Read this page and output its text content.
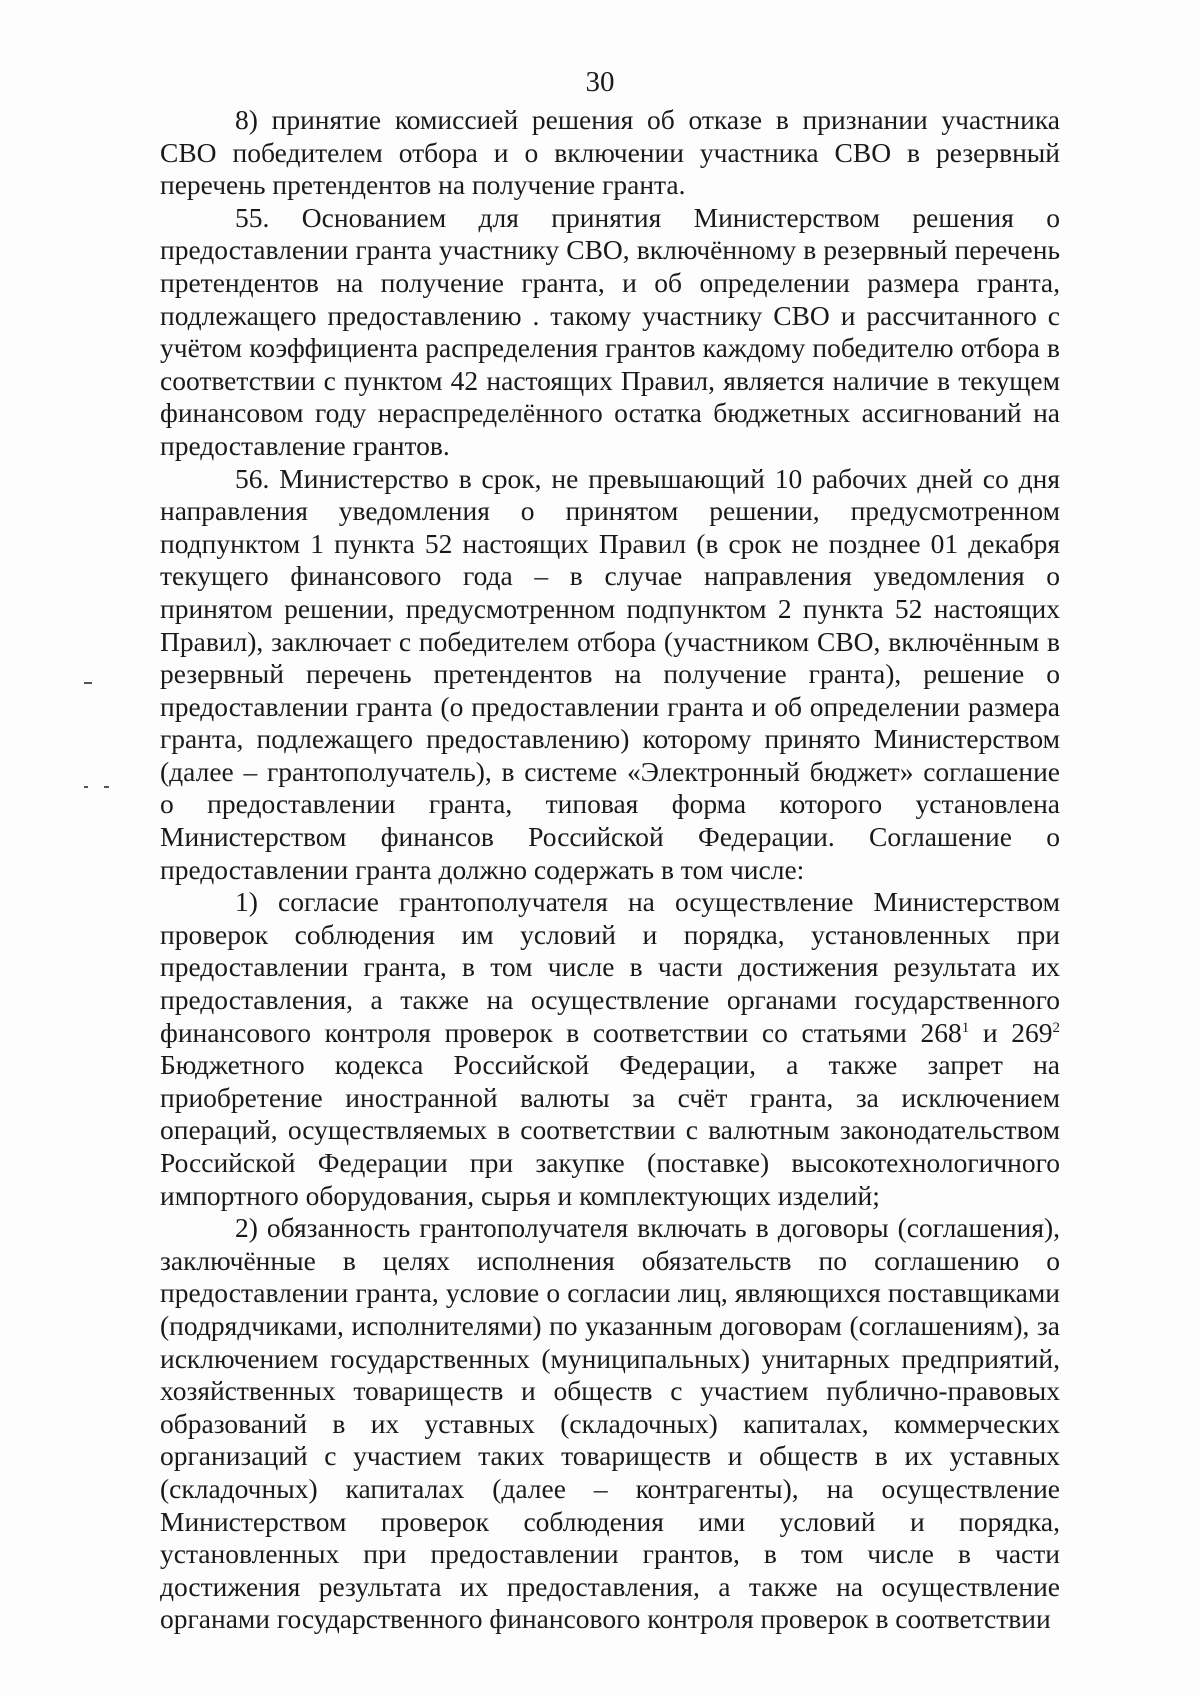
30

8) принятие комиссией решения об отказе в признании участника СВО победителем отбора и о включении участника СВО в резервный перечень претендентов на получение гранта.

55. Основанием для принятия Министерством решения о предоставлении гранта участнику СВО, включённому в резервный перечень претендентов на получение гранта, и об определении размера гранта, подлежащего предоставлению . такому участнику СВО и рассчитанного с учётом коэффициента распределения грантов каждому победителю отбора в соответствии с пунктом 42 настоящих Правил, является наличие в текущем финансовом году нераспределённого остатка бюджетных ассигнований на предоставление грантов.

56. Министерство в срок, не превышающий 10 рабочих дней со дня направления уведомления о принятом решении, предусмотренном подпунктом 1 пункта 52 настоящих Правил (в срок не позднее 01 декабря текущего финансового года – в случае направления уведомления о принятом решении, предусмотренном подпунктом 2 пункта 52 настоящих Правил), заключает с победителем отбора (участником СВО, включённым в резервный перечень претендентов на получение гранта), решение о предоставлении гранта (о предоставлении гранта и об определении размера гранта, подлежащего предоставлению) которому принято Министерством (далее – грантополучатель), в системе «Электронный бюджет» соглашение о предоставлении гранта, типовая форма которого установлена Министерством финансов Российской Федерации. Соглашение о предоставлении гранта должно содержать в том числе:

1) согласие грантополучателя на осуществление Министерством проверок соблюдения им условий и порядка, установленных при предоставлении гранта, в том числе в части достижения результата их предоставления, а также на осуществление органами государственного финансового контроля проверок в соответствии со статьями $268^1$ и $269^2$ Бюджетного кодекса Российской Федерации, а также запрет на приобретение иностранной валюты за счёт гранта, за исключением операций, осуществляемых в соответствии с валютным законодательством Российской Федерации при закупке (поставке) высокотехнологичного импортного оборудования, сырья и комплектующих изделий;

2) обязанность грантополучателя включать в договоры (соглашения), заключённые в целях исполнения обязательств по соглашению о предоставлении гранта, условие о согласии лиц, являющихся поставщиками (подрядчиками, исполнителями) по указанным договорам (соглашениям), за исключением государственных (муниципальных) унитарных предприятий, хозяйственных товариществ и обществ с участием публично-правовых образований в их уставных (складочных) капиталах, коммерческих организаций с участием таких товариществ и обществ в их уставных (складочных) капиталах (далее – контрагенты), на осуществление Министерством проверок соблюдения ими условий и порядка, установленных при предоставлении грантов, в том числе в части достижения результата их предоставления, а также на осуществление органами государственного финансового контроля проверок в соответствии
